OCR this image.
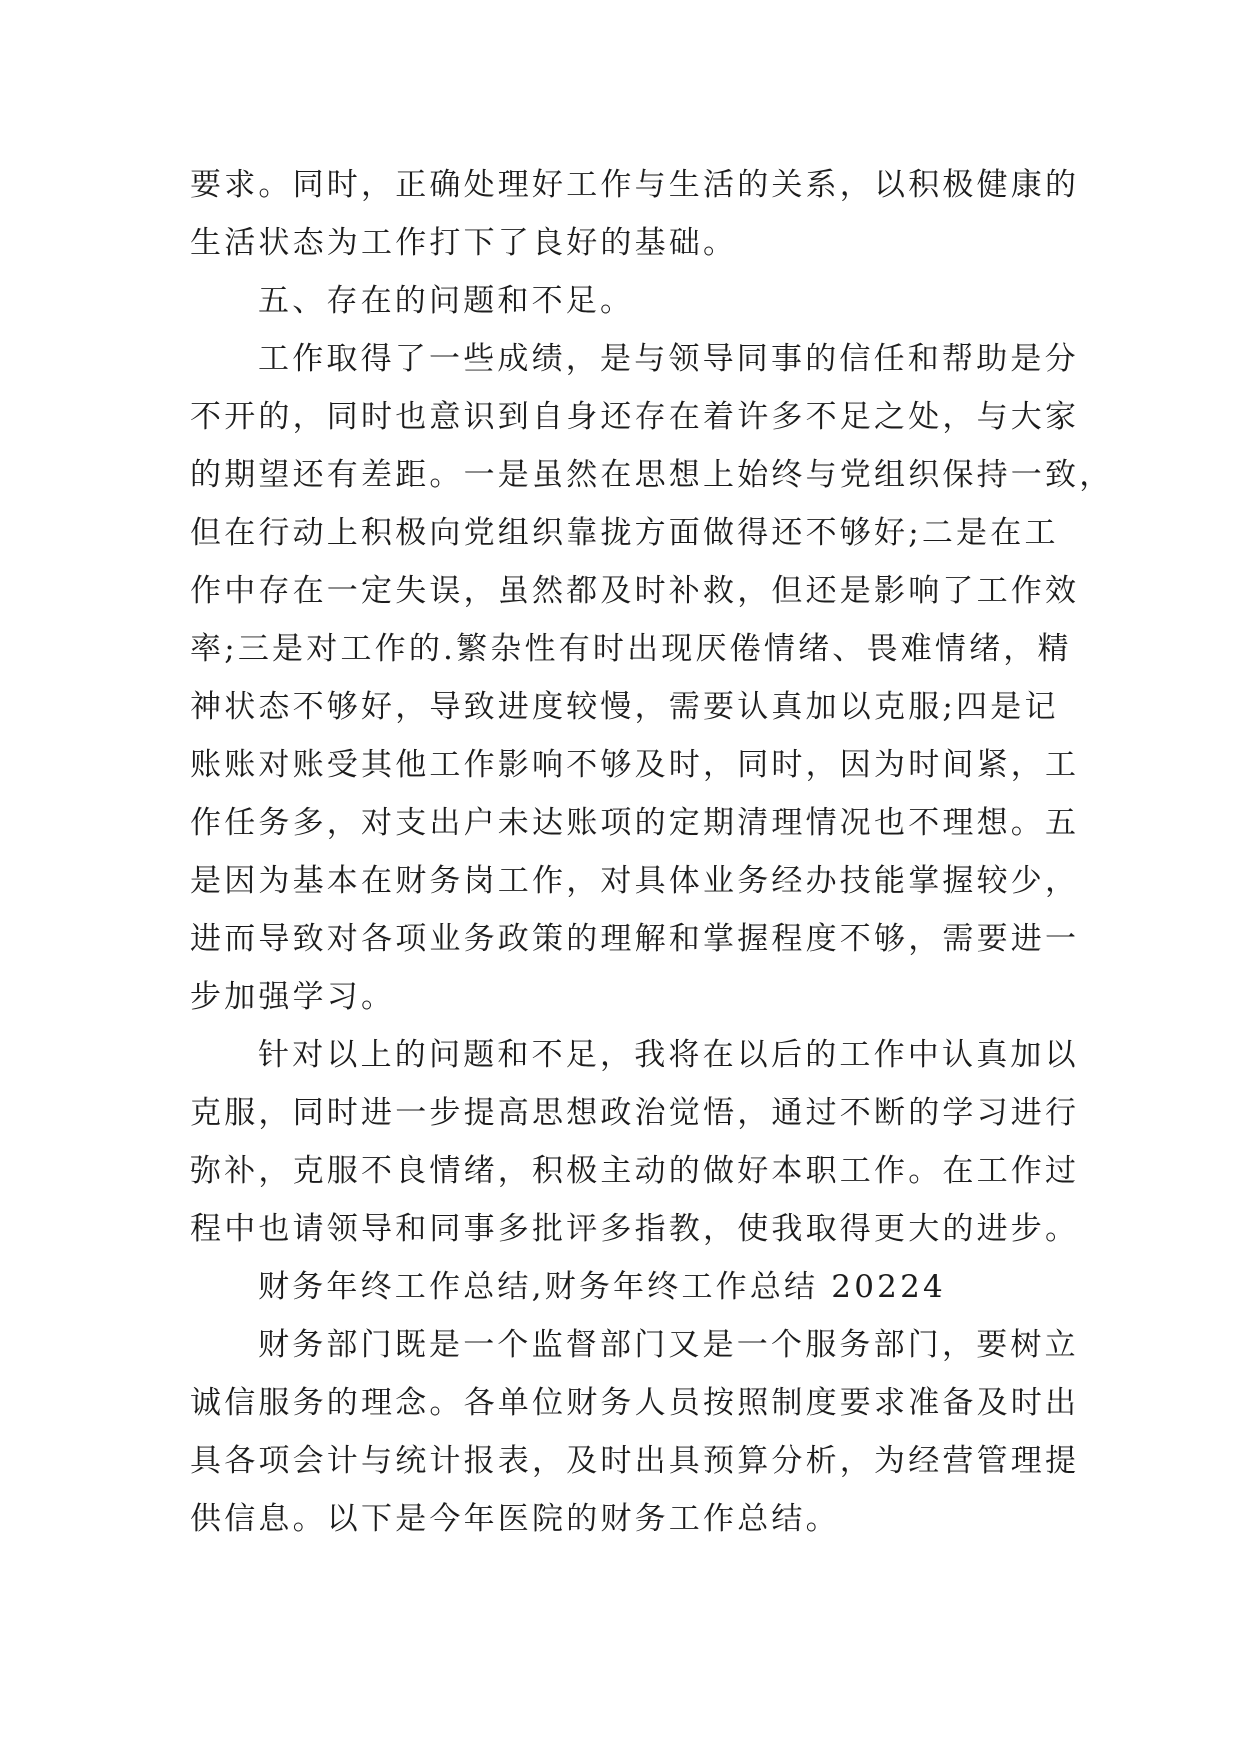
要求。同时，正确处理好工作与生活的关系，以积极健康的
生活状态为工作打下了良好的基础。
五、存在的问题和不足。
工作取得了一些成绩，是与领导同事的信任和帮助是分
不开的，同时也意识到自身还存在着许多不足之处，与大家
的期望还有差距。一是虽然在思想上始终与党组织保持一致，
但在行动上积极向党组织靠拢方面做得还不够好;二是在工
作中存在一定失误，虽然都及时补救，但还是影响了工作效
率;三是对工作的.繁杂性有时出现厌倦情绪、畏难情绪，精
神状态不够好，导致进度较慢，需要认真加以克服;四是记
账账对账受其他工作影响不够及时，同时，因为时间紧，工
作任务多，对支出户未达账项的定期清理情况也不理想。五
是因为基本在财务岗工作，对具体业务经办技能掌握较少，
进而导致对各项业务政策的理解和掌握程度不够，需要进一
步加强学习。
针对以上的问题和不足，我将在以后的工作中认真加以
克服，同时进一步提高思想政治觉悟，通过不断的学习进行
弥补，克服不良情绪，积极主动的做好本职工作。在工作过
程中也请领导和同事多批评多指教，使我取得更大的进步。
财务年终工作总结,财务年终工作总结 20224
财务部门既是一个监督部门又是一个服务部门，要树立
诚信服务的理念。各单位财务人员按照制度要求准备及时出
具各项会计与统计报表，及时出具预算分析，为经营管理提
供信息。以下是今年医院的财务工作总结。
